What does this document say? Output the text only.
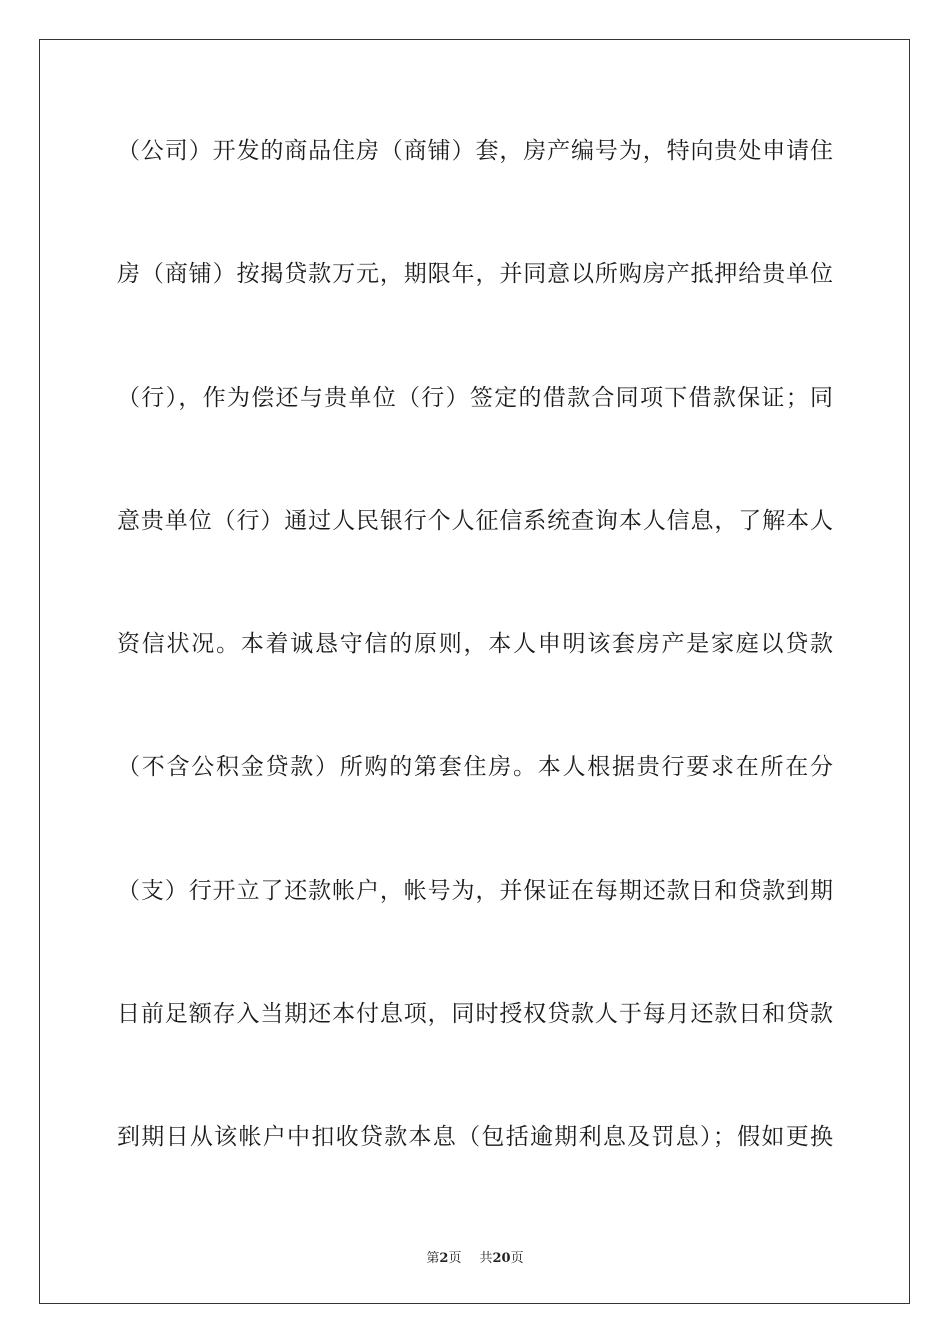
（公司）开发的商品住房（商铺）套，房产编号为，特向贵处申请住
房（商铺）按揭贷款万元，期限年，并同意以所购房产抵押给贵单位
（行），作为偿还与贵单位（行）签定的借款合同项下借款保证；同
意贵单位（行）通过人民银行个人征信系统查询本人信息，了解本人
资信状况。本着诚恳守信的原则，本人申明该套房产是家庭以贷款
（不含公积金贷款）所购的第套住房。本人根据贵行要求在所在分
（支）行开立了还款帐户，帐号为，并保证在每期还款日和贷款到期
日前足额存入当期还本付息项，同时授权贷款人于每月还款日和贷款
到期日从该帐户中扣收贷款本息（包括逾期利息及罚息）；假如更换
第2页 共20页
